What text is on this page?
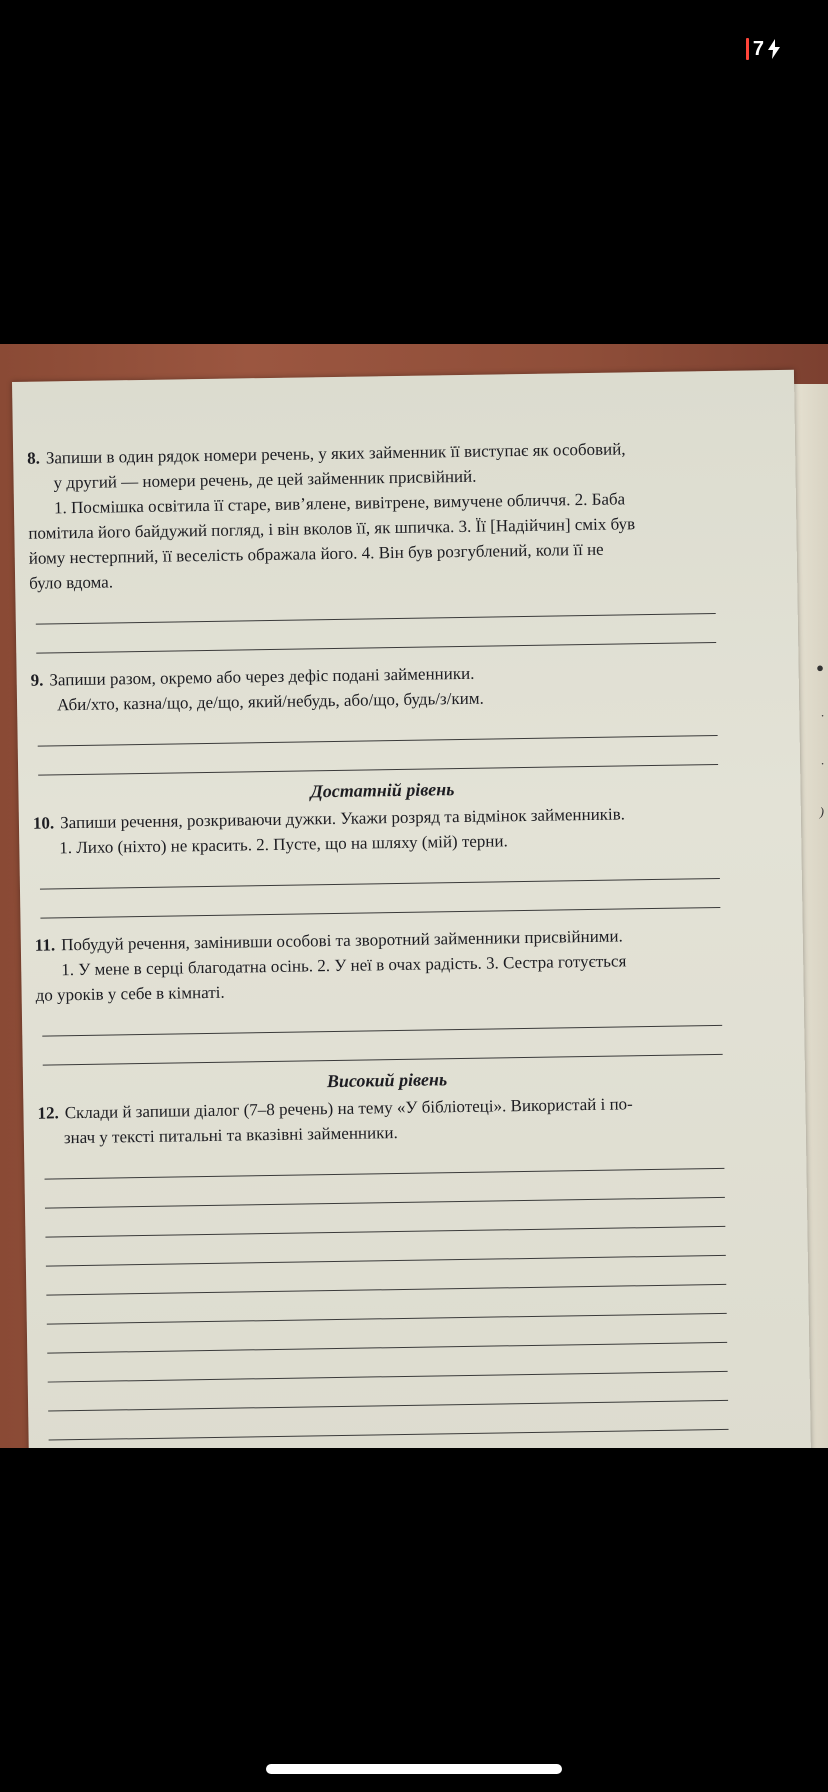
7
●
·
·
)

8. Запиши в один рядок номери речень, у яких займенник її виступає як особовий,

у другий — номери речень, де цей займенник присвійний.

1. Посмішка освітила її старе, вив’ялене, вивітрене, вимучене обличчя. 2. Баба

помітила його байдужий погляд, і він вколов її, як шпичка. 3. Її [Надійчин] сміх був

йому нестерпний, її веселість ображала його. 4. Він був розгублений, коли її не

було вдома.

9. Запиши разом, окремо або через дефіс подані займенники.

Аби/хто, казна/що, де/що, який/небудь, або/що, будь/з/ким.

Достатній рівень

10. Запиши речення, розкриваючи дужки. Укажи розряд та відмінок займенників.

1. Лихо (ніхто) не красить. 2. Пусте, що на шляху (мій) терни.

11. Побудуй речення, замінивши особові та зворотний займенники присвійними.

1. У мене в серці благодатна осінь. 2. У неї в очах радість. 3. Сестра готується

до уроків у себе в кімнаті.

Високий рівень

12. Склади й запиши діалог (7–8 речень) на тему «У бібліотеці». Використай і по-

знач у тексті питальні та вказівні займенники.
